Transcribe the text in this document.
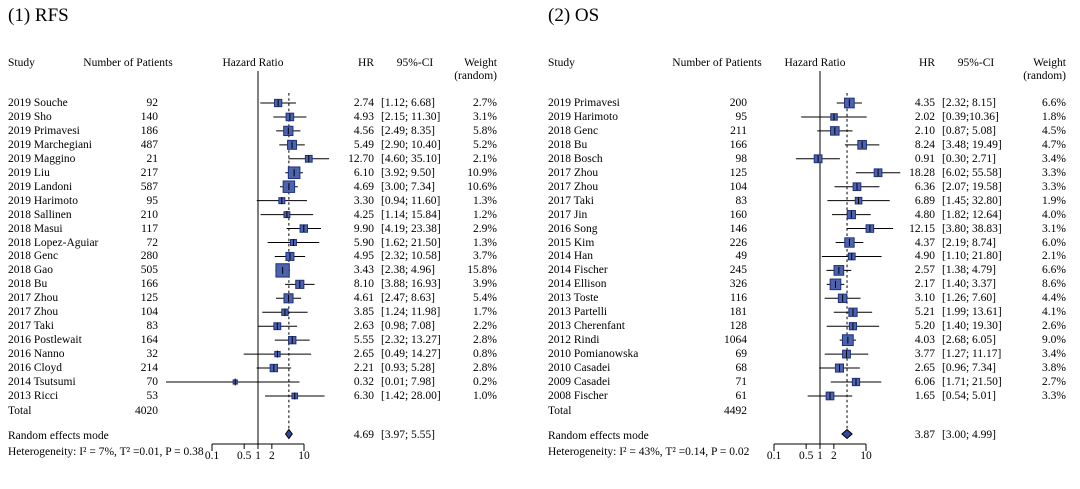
(1) RFS
Study	Number of Patients	Hazard Ratio	HR	95%-CI	Weight
(random)
Total	4020
Random effects mode	4.69 [3.97; 5.55]
Heterogeneity: I² = 7%, T² =0.01, P = 0.38 0.1	0.5 1 2	10
2019 Souche	92	2.74 [1.12; 6.68]	2.7%
2019 Sho	140	4.93 [2.15; 11.30]	3.1%
2019 Primavesi	186	4.56 [2.49; 8.35]	5.8%
2019 Marchegiani	487	5.49 [2.90; 10.40]	5.2%
2019 Maggino	21	12.70 [4.60; 35.10]	2.1%
2019 Liu	217	6.10 [3.92; 9.50]	10.9%
2019 Landoni	587	4.69 [3.00; 7.34]	10.6%
2019 Harimoto	95	3.30 [0.94; 11.60]	1.3%
2018 Sallinen	210	4.25 [1.14; 15.84]	1.2%
2018 Masui	117	9.90 [4.19; 23.38]	2.9%
2018 Lopez-Aguiar	72	5.90 [1.62; 21.50]	1.3%
2018 Genc	280	4.95 [2.32; 10.58]	3.7%
2018 Gao	505	3.43 [2.38; 4.96]	15.8%
2018 Bu	166	8.10 [3.88; 16.93]	3.9%
2017 Zhou	125	4.61 [2.47; 8.63]	5.4%
2017 Zhou	104	3.85 [1.24; 11.98]	1.7%
2017 Taki	83	2.63 [0.98; 7.08]	2.2%
2016 Postlewait	164	5.55 [2.32; 13.27]	2.8%
2016 Nanno	32	2.65 [0.49; 14.27]	0.8%
2016 Cloyd	214	2.21 [0.93; 5.28]	2.8%
2014 Tsutsumi	70	0.32 [0.01; 7.98]	0.2%
2013 Ricci	53	6.30 [1.42; 28.00]	1.0%
(2) OS
Study	Number of Patients	Hazard Ratio	HR	95%-CI	Weight
(random)
Total	4492
Random effects mode	3.87 [3.00; 4.99]
Heterogeneity: I² = 43%, T² =0.14, P = 0.02	0.1	0.5 1 2	10
2019 Primavesi	200	4.35 [2.32; 8.15]	6.6%
2019 Harimoto	95	2.02 [0.39;10.36]	1.8%
2018 Genc	211	2.10 [0.87; 5.08]	4.5%
2018 Bu	166	8.24 [3.48; 19.49]	4.7%
2018 Bosch	98	0.91 [0.30; 2.71]	3.4%
2017 Zhou	125	18.28 [6.02; 55.58]	3.3%
2017 Zhou	104	6.36 [2.07; 19.58]	3.3%
2017 Taki	83	6.89 [1.45; 32.80]	1.9%
2017 Jin	160	4.80 [1.82; 12.64]	4.0%
2016 Song	146	12.15 [3.80; 38.83]	3.1%
2015 Kim	226	4.37 [2.19; 8.74]	6.0%
2014 Han	49	4.90 [1.10; 21.80]	2.1%
2014 Fischer	245	2.57 [1.38; 4.79]	6.6%
2014 Ellison	326	2.17 [1.40; 3.37]	8.6%
2013 Toste	116	3.10 [1.26; 7.60]	4.4%
2013 Partelli	181	5.21 [1.99; 13.61]	4.1%
2013 Cherenfant	128	5.20 [1.40; 19.30]	2.6%
2012 Rindi	1064	4.03 [2.68; 6.05]	9.0%
2010 Pomianowska	69	3.77 [1.27; 11.17]	3.4%
2010 Casadei	68	2.65 [0.96; 7.34]	3.8%
2009 Casadei	71	6.06 [1.71; 21.50]	2.7%
2008 Fischer	61	1.65 [0.54; 5.01]	3.3%
